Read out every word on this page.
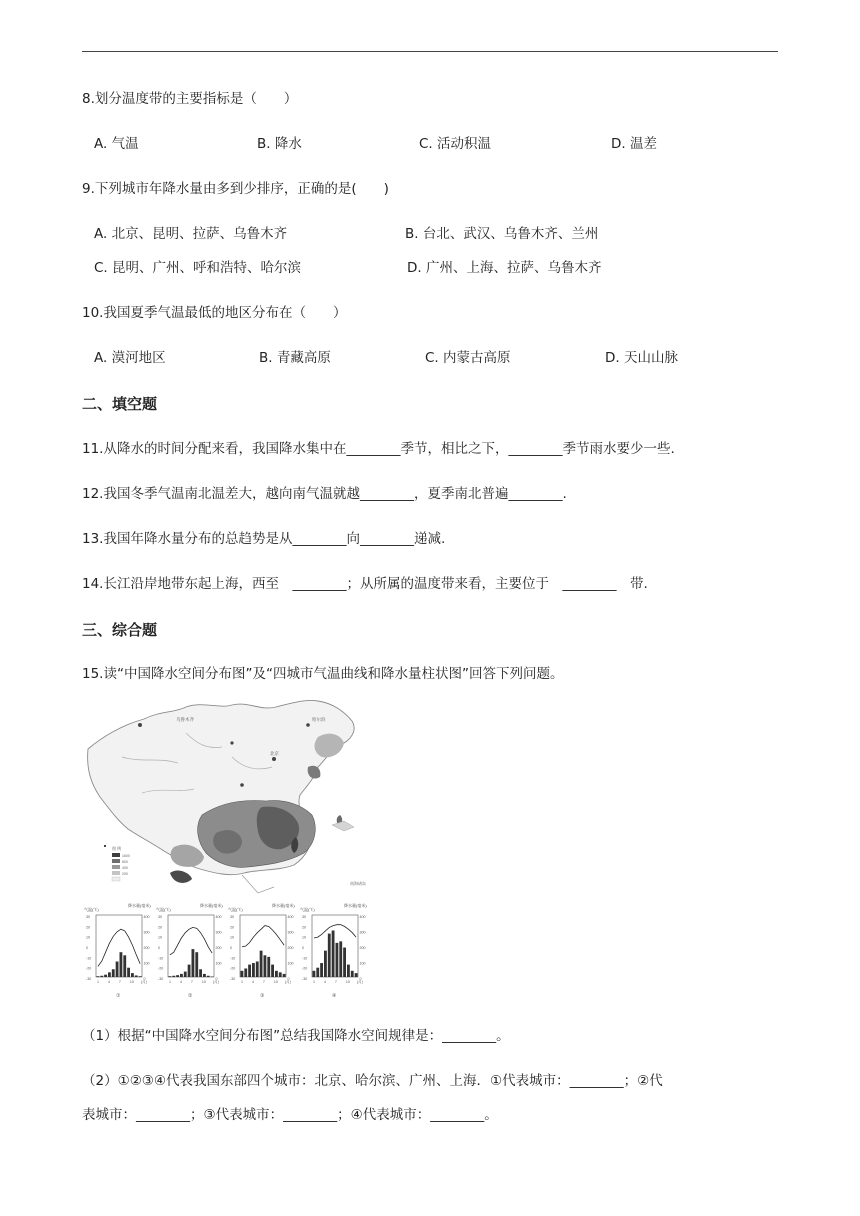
8.划分温度带的主要指标是（　　）
A. 气温	B. 降水	C. 活动积温	D. 温差
9.下列城市年降水量由多到少排序，正确的是(　　)
A. 北京、昆明、拉萨、乌鲁木齐	B. 台北、武汉、乌鲁木齐、兰州
C. 昆明、广州、呼和浩特、哈尔滨	D. 广州、上海、拉萨、乌鲁木齐
10.我国夏季气温最低的地区分布在（　　）
A. 漠河地区	B. 青藏高原	C. 内蒙古高原	D. 天山山脉
二、填空题
11.从降水的时间分配来看，我国降水集中在________季节，相比之下，________季节雨水要少一些.
12.我国冬季气温南北温差大，越向南气温就越________，夏季南北普遍________.
13.我国年降水量分布的总趋势是从________向________递减.
14.长江沿岸地带东起上海，西至　________；从所属的温度带来看，主要位于　________　带.
三、综合题
15.读“中国降水空间分布图”及“四城市气温曲线和降水量柱状图”回答下列问题。
乌鲁木齐
北京
哈尔滨
1600
800
400
200
图 例
南海诸岛
气温(℃)
降水量(毫米)
30
20
10
0
-10
-20
-30
400
300
200
100
0
1 4 7 10 (月)
①
气温(℃)
降水量(毫米)
30
20
10
0
-10
-20
-30
400
300
200
100
0
1 4 7 10 (月)
②
气温(℃)
降水量(毫米)
30
20
10
0
-10
-20
-30
400
300
200
100
0
1 4 7 10 (月)
③
气温(℃)
降水量(毫米)
30
20
10
0
-10
-20
-30
400
300
200
100
0
1 4 7 10 (月)
④
（1）根据“中国降水空间分布图”总结我国降水空间规律是：________。
（2）①②③④代表我国东部四个城市：北京、哈尔滨、广州、上海．①代表城市：________；②代
表城市：________；③代表城市：________；④代表城市：________。
